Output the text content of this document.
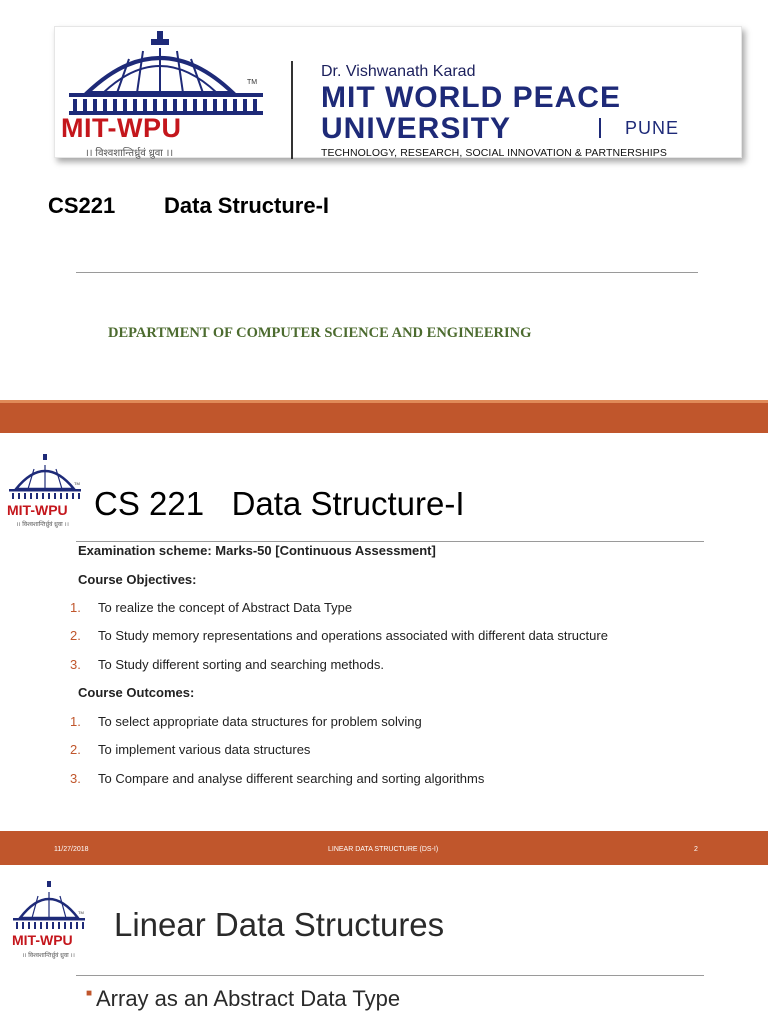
TM
MIT-WPU
।। विश्वशान्तिर्ध्रुवं ध्रुवा ।।
Dr. Vishwanath Karad
MIT WORLD PEACE
UNIVERSITY	PUNE
TECHNOLOGY, RESEARCH, SOCIAL INNOVATION & PARTNERSHIPS
CS221 Data Structure-I
DEPARTMENT OF COMPUTER SCIENCE AND ENGINEERING
TM
MIT-WPU
।। विश्वशान्तिर्ध्रुवं ध्रुवा ।।
CS 221   Data Structure-I
Examination scheme: Marks-50 [Continuous Assessment]
Course Objectives:
1. To realize the concept of Abstract Data Type
2. To Study memory representations and operations associated with different data structure
3. To Study different sorting and searching methods.
Course Outcomes:
1. To select appropriate data structures for problem solving
2. To implement various data structures
3. To Compare and analyse different searching and sorting algorithms
11/27/2018	LINEAR DATA STRUCTURE (DS-I)	2
TM
MIT-WPU
।। विश्वशान्तिर्ध्रुवं ध्रुवा ।।
Linear Data Structures
■ Array as an Abstract Data Type
